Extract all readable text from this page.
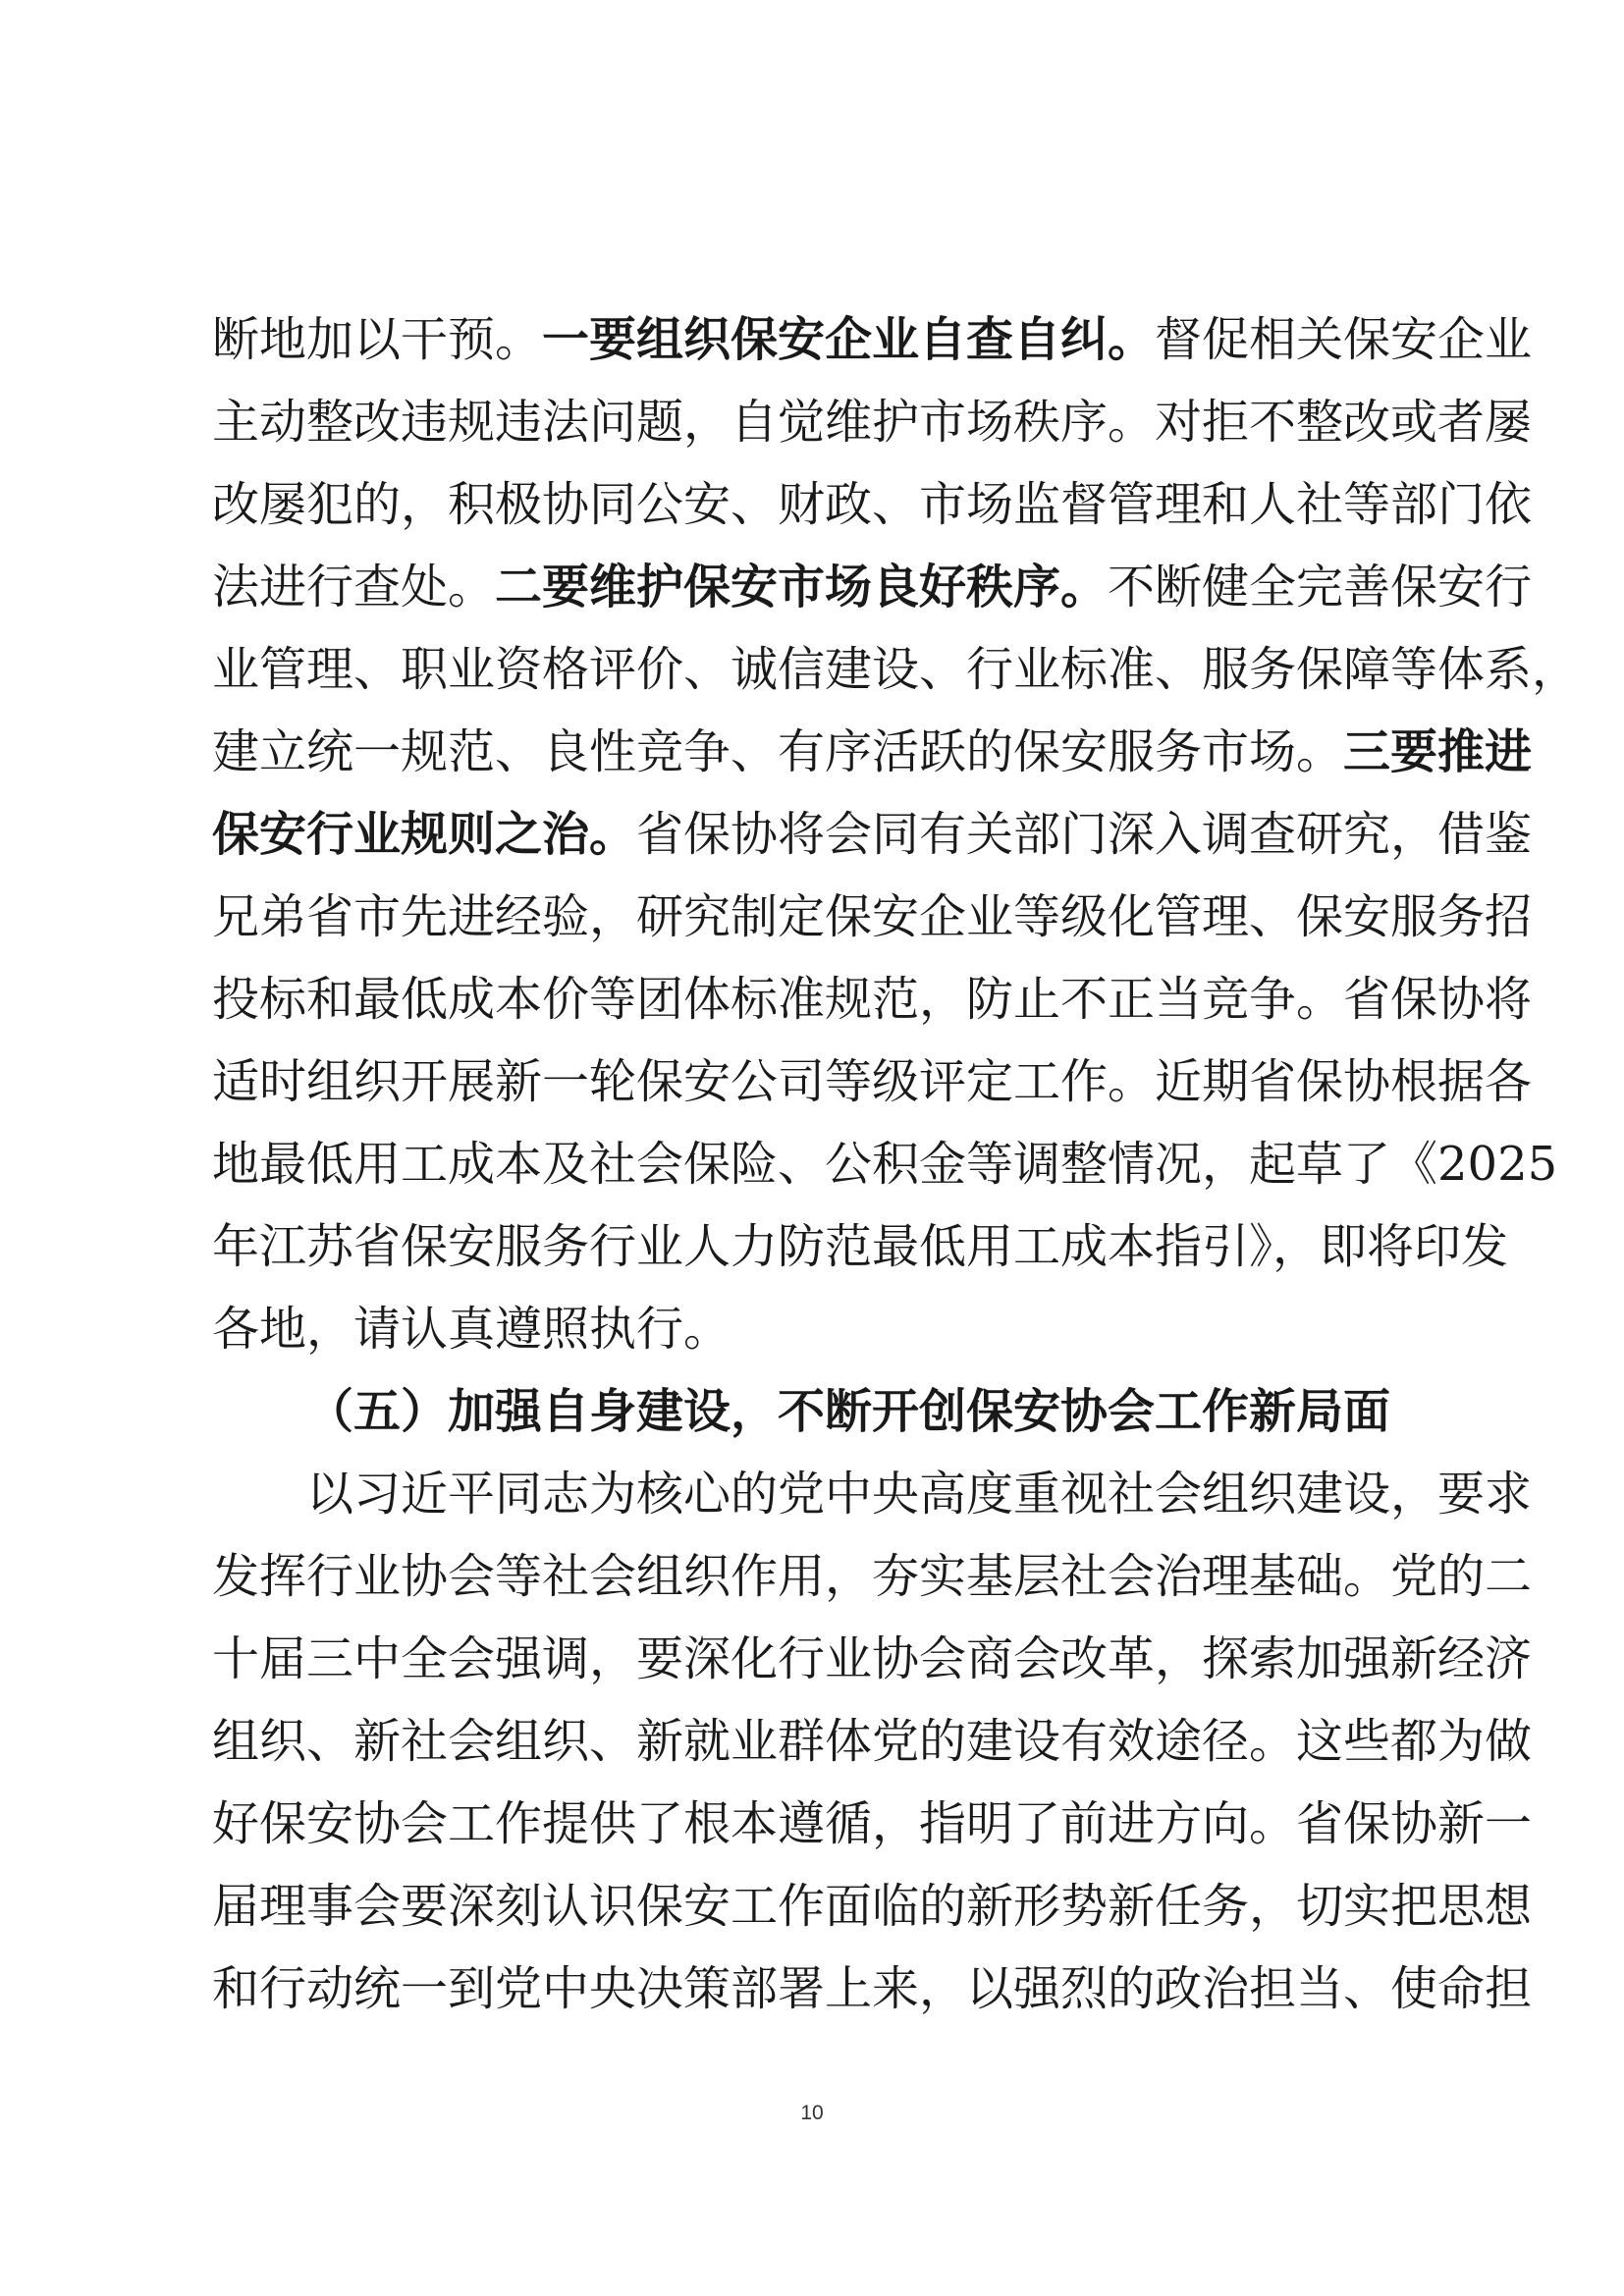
断地加以干预。一要组织保安企业自查自纠。督促相关保安企业
主动整改违规违法问题，自觉维护市场秩序。对拒不整改或者屡
改屡犯的，积极协同公安、财政、市场监督管理和人社等部门依
法进行查处。二要维护保安市场良好秩序。不断健全完善保安行
业管理、职业资格评价、诚信建设、行业标准、服务保障等体系，
建立统一规范、良性竞争、有序活跃的保安服务市场。三要推进
保安行业规则之治。省保协将会同有关部门深入调查研究，借鉴
兄弟省市先进经验，研究制定保安企业等级化管理、保安服务招
投标和最低成本价等团体标准规范，防止不正当竞争。省保协将
适时组织开展新一轮保安公司等级评定工作。近期省保协根据各
地最低用工成本及社会保险、公积金等调整情况，起草了《2025
年江苏省保安服务行业人力防范最低用工成本指引》，即将印发
各地，请认真遵照执行。
（五）加强自身建设，不断开创保安协会工作新局面
以习近平同志为核心的党中央高度重视社会组织建设，要求
发挥行业协会等社会组织作用，夯实基层社会治理基础。党的二
十届三中全会强调，要深化行业协会商会改革，探索加强新经济
组织、新社会组织、新就业群体党的建设有效途径。这些都为做
好保安协会工作提供了根本遵循，指明了前进方向。省保协新一
届理事会要深刻认识保安工作面临的新形势新任务，切实把思想
和行动统一到党中央决策部署上来，以强烈的政治担当、使命担
10
